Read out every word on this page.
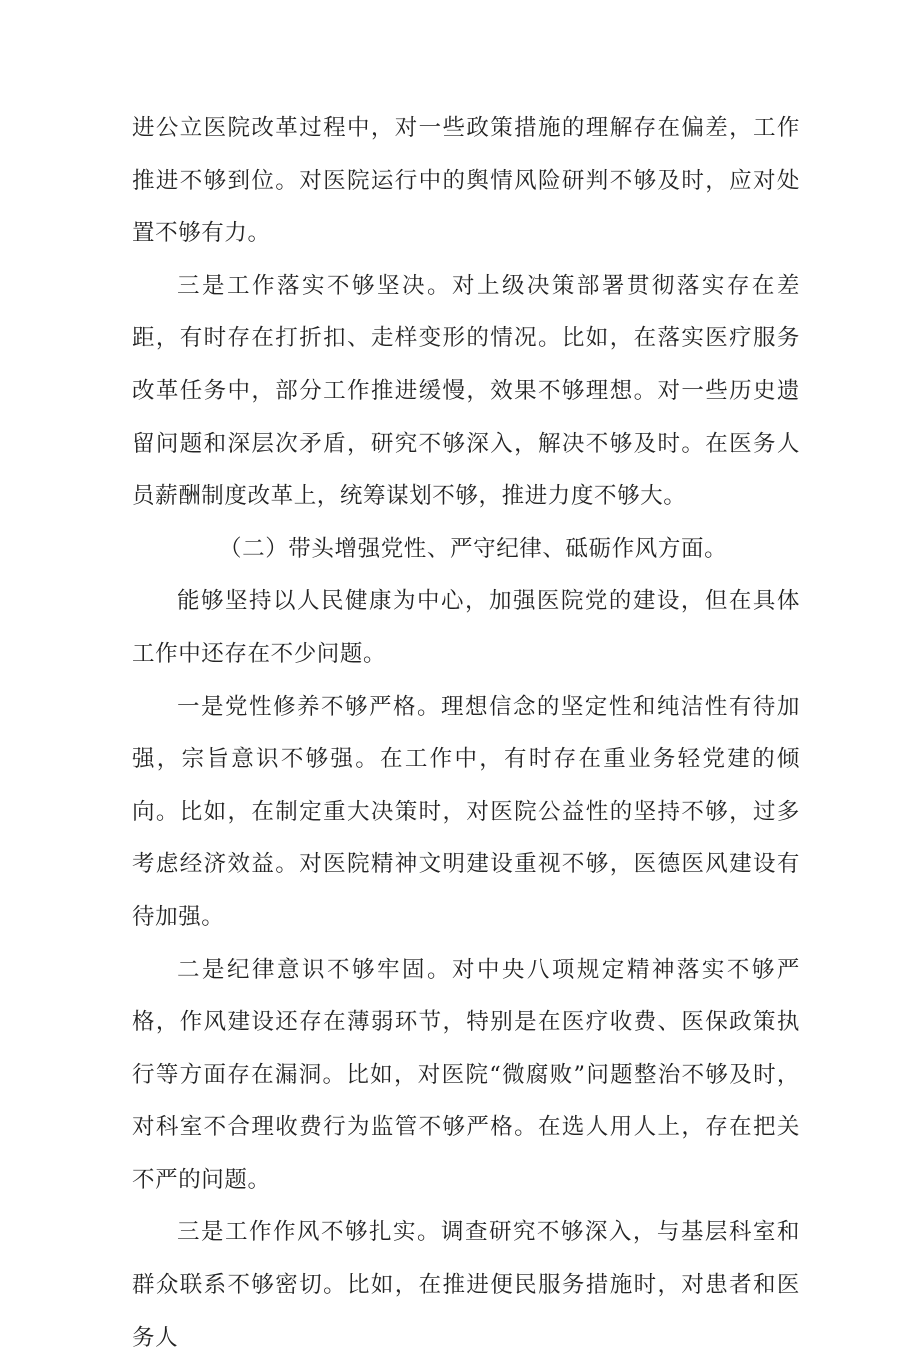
进公立医院改革过程中，对一些政策措施的理解存在偏差，工作推进不够到位。对医院运行中的舆情风险研判不够及时，应对处置不够有力。

三是工作落实不够坚决。对上级决策部署贯彻落实存在差距，有时存在打折扣、走样变形的情况。比如，在落实医疗服务改革任务中，部分工作推进缓慢，效果不够理想。对一些历史遗留问题和深层次矛盾，研究不够深入，解决不够及时。在医务人员薪酬制度改革上，统筹谋划不够，推进力度不够大。

（二）带头增强党性、严守纪律、砥砺作风方面。

能够坚持以人民健康为中心，加强医院党的建设，但在具体工作中还存在不少问题。

一是党性修养不够严格。理想信念的坚定性和纯洁性有待加强，宗旨意识不够强。在工作中，有时存在重业务轻党建的倾向。比如，在制定重大决策时，对医院公益性的坚持不够，过多考虑经济效益。对医院精神文明建设重视不够，医德医风建设有待加强。

二是纪律意识不够牢固。对中央八项规定精神落实不够严格，作风建设还存在薄弱环节，特别是在医疗收费、医保政策执行等方面存在漏洞。比如，对医院“微腐败”问题整治不够及时，对科室不合理收费行为监管不够严格。在选人用人上，存在把关不严的问题。

三是工作作风不够扎实。调查研究不够深入，与基层科室和群众联系不够密切。比如，在推进便民服务措施时，对患者和医务人
